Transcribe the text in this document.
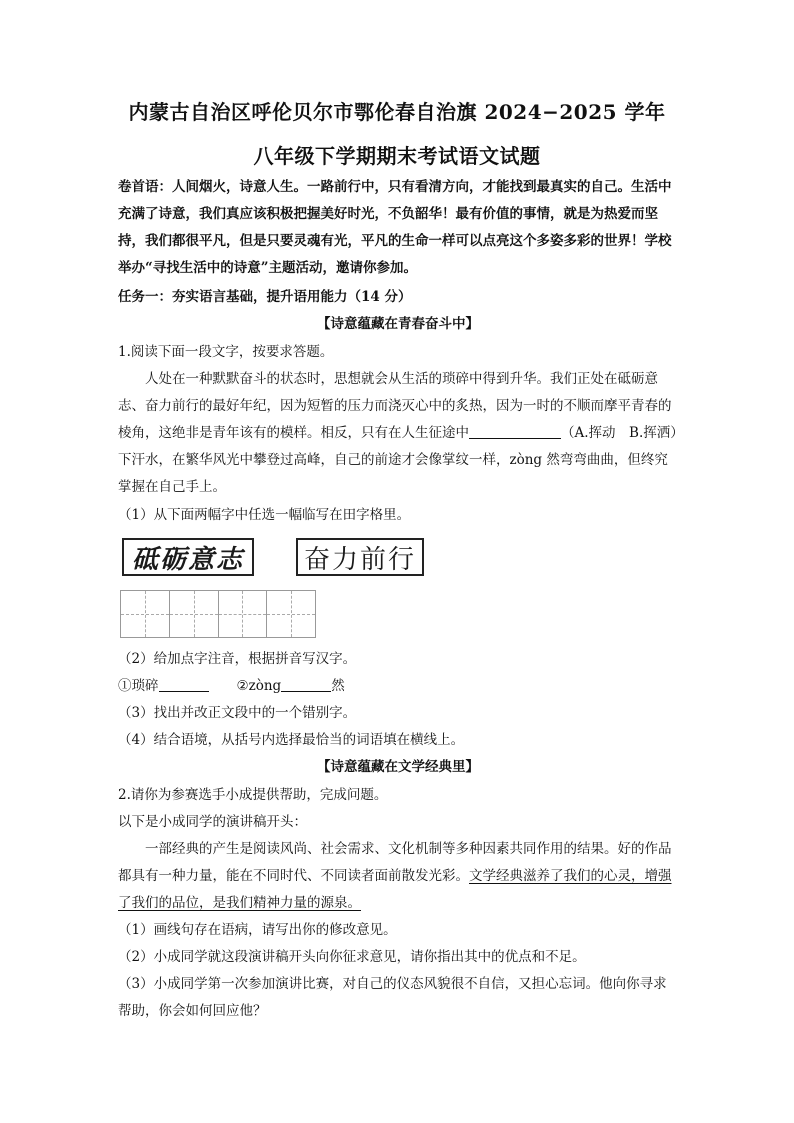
内蒙古自治区呼伦贝尔市鄂伦春自治旗 2024−2025 学年
八年级下学期期末考试语文试题

卷首语：人间烟火，诗意人生。一路前行中，只有看清方向，才能找到最真实的自己。生活中充满了诗意，我们真应该积极把握美好时光，不负韶华！最有价值的事情，就是为热爱而坚持，我们都很平凡，但是只要灵魂有光，平凡的生命一样可以点亮这个多姿多彩的世界！学校举办“寻找生活中的诗意”主题活动，邀请你参加。

任务一：夯实语言基础，提升语用能力（14 分）

【诗意蕴藏在青春奋斗中】

1.阅读下面一段文字，按要求答题。

人处在一种默默奋斗的状态时，思想就会从生活的琐碎中得到升华。我们正处在砥砺意志、奋力前行的最好年纪，因为短暂的压力而浇灭心中的炙热，因为一时的不顺而摩平青春的棱角，这绝非是青年该有的模样。相反，只有在人生征途中	（A.挥动　B.挥洒）下汗水，在繁华风光中攀登过高峰，自己的前途才会像掌纹一样，zòng 然弯弯曲曲，但终究掌握在自己手上。

（1）从下面两幅字中任选一幅临写在田字格里。

砥砺意志 奋力前行

（2）给加点字注音，根据拼音写汉字。

①琐碎	②zòng	然

（3）找出并改正文段中的一个错别字。

（4）结合语境，从括号内选择最恰当的词语填在横线上。

【诗意蕴藏在文学经典里】

2.请你为参赛选手小成提供帮助，完成问题。

以下是小成同学的演讲稿开头：

一部经典的产生是阅读风尚、社会需求、文化机制等多种因素共同作用的结果。好的作品都具有一种力量，能在不同时代、不同读者面前散发光彩。文学经典滋养了我们的心灵，增强了我们的品位，是我们精神力量的源泉。

（1）画线句存在语病，请写出你的修改意见。

（2）小成同学就这段演讲稿开头向你征求意见，请你指出其中的优点和不足。

（3）小成同学第一次参加演讲比赛，对自己的仪态风貌很不自信，又担心忘词。他向你寻求帮助，你会如何回应他？
